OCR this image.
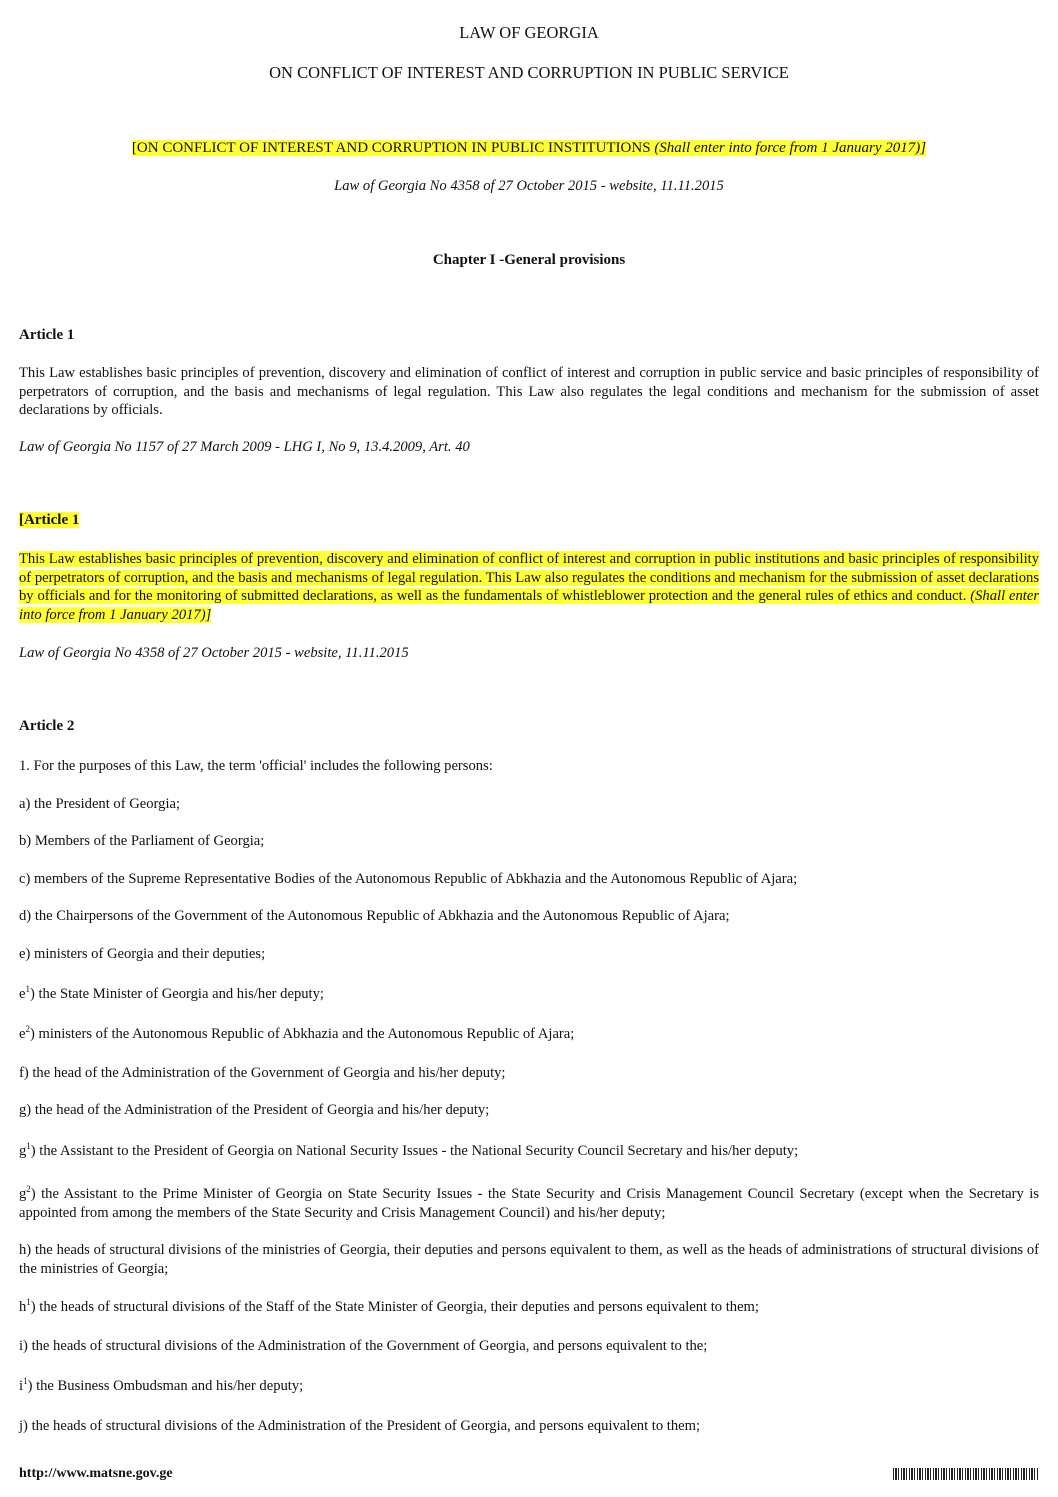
LAW OF GEORGIA
ON CONFLICT OF INTEREST AND CORRUPTION IN PUBLIC SERVICE
[ON CONFLICT OF INTEREST AND CORRUPTION IN PUBLIC INSTITUTIONS (Shall enter into force from 1 January 2017)]
Law of Georgia No 4358 of 27 October 2015 - website, 11.11.2015
Chapter I -General provisions
Article 1
This Law establishes basic principles of prevention, discovery and elimination of conflict of interest and corruption in public service and basic principles of responsibility of perpetrators of corruption, and the basis and mechanisms of legal regulation. This Law also regulates the legal conditions and mechanism for the submission of asset declarations by officials.
Law of Georgia No 1157 of 27 March 2009 - LHG I, No 9, 13.4.2009, Art. 40
[Article 1
This Law establishes basic principles of prevention, discovery and elimination of conflict of interest and corruption in public institutions and basic principles of responsibility of perpetrators of corruption, and the basis and mechanisms of legal regulation. This Law also regulates the conditions and mechanism for the submission of asset declarations by officials and for the monitoring of submitted declarations, as well as the fundamentals of whistleblower protection and the general rules of ethics and conduct. (Shall enter into force from 1 January 2017)]
Law of Georgia No 4358 of 27 October 2015 - website, 11.11.2015
Article 2
1. For the purposes of this Law, the term 'official' includes the following persons:
a) the President of Georgia;
b) Members of the Parliament of Georgia;
c) members of the Supreme Representative Bodies of the Autonomous Republic of Abkhazia and the Autonomous Republic of Ajara;
d) the Chairpersons of the Government of the Autonomous Republic of Abkhazia and the Autonomous Republic of Ajara;
e) ministers of Georgia and their deputies;
$e^1$) the State Minister of Georgia and his/her deputy;
$e^2$) ministers of the Autonomous Republic of Abkhazia and the Autonomous Republic of Ajara;
f) the head of the Administration of the Government of Georgia and his/her deputy;
g) the head of the Administration of the President of Georgia and his/her deputy;
$g^1$) the Assistant to the President of Georgia on National Security Issues - the National Security Council Secretary and his/her deputy;
$g^2$) the Assistant to the Prime Minister of Georgia on State Security Issues - the State Security and Crisis Management Council Secretary (except when the Secretary is appointed from among the members of the State Security and Crisis Management Council) and his/her deputy;
h) the heads of structural divisions of the ministries of Georgia, their deputies and persons equivalent to them, as well as the heads of administrations of structural divisions of the ministries of Georgia;
$h^1$) the heads of structural divisions of the Staff of the State Minister of Georgia, their deputies and persons equivalent to them;
i) the heads of structural divisions of the Administration of the Government of Georgia, and persons equivalent to the;
$i^1$) the Business Ombudsman and his/her deputy;
j) the heads of structural divisions of the Administration of the President of Georgia, and persons equivalent to them;
http://www.matsne.gov.ge
